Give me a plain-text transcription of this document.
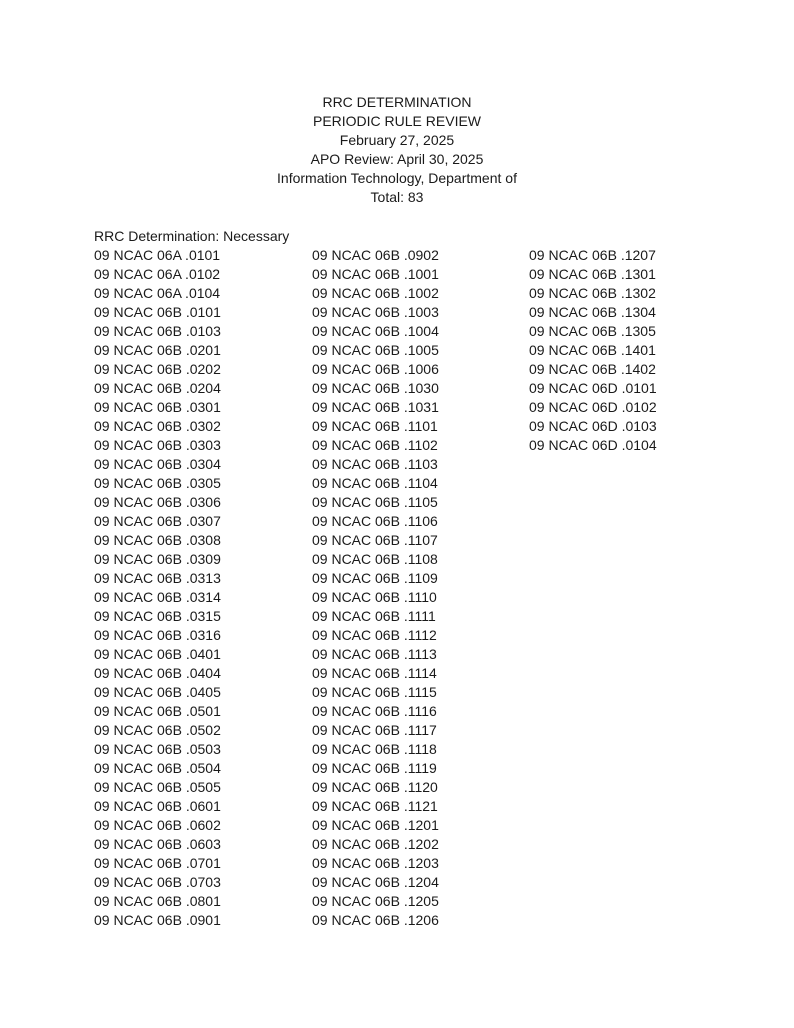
RRC DETERMINATION
PERIODIC RULE REVIEW
February 27, 2025
APO Review: April 30, 2025
Information Technology, Department of
Total: 83
RRC Determination: Necessary
09 NCAC 06A .0101
09 NCAC 06A .0102
09 NCAC 06A .0104
09 NCAC 06B .0101
09 NCAC 06B .0103
09 NCAC 06B .0201
09 NCAC 06B .0202
09 NCAC 06B .0204
09 NCAC 06B .0301
09 NCAC 06B .0302
09 NCAC 06B .0303
09 NCAC 06B .0304
09 NCAC 06B .0305
09 NCAC 06B .0306
09 NCAC 06B .0307
09 NCAC 06B .0308
09 NCAC 06B .0309
09 NCAC 06B .0313
09 NCAC 06B .0314
09 NCAC 06B .0315
09 NCAC 06B .0316
09 NCAC 06B .0401
09 NCAC 06B .0404
09 NCAC 06B .0405
09 NCAC 06B .0501
09 NCAC 06B .0502
09 NCAC 06B .0503
09 NCAC 06B .0504
09 NCAC 06B .0505
09 NCAC 06B .0601
09 NCAC 06B .0602
09 NCAC 06B .0603
09 NCAC 06B .0701
09 NCAC 06B .0703
09 NCAC 06B .0801
09 NCAC 06B .0901
09 NCAC 06B .0902
09 NCAC 06B .1001
09 NCAC 06B .1002
09 NCAC 06B .1003
09 NCAC 06B .1004
09 NCAC 06B .1005
09 NCAC 06B .1006
09 NCAC 06B .1030
09 NCAC 06B .1031
09 NCAC 06B .1101
09 NCAC 06B .1102
09 NCAC 06B .1103
09 NCAC 06B .1104
09 NCAC 06B .1105
09 NCAC 06B .1106
09 NCAC 06B .1107
09 NCAC 06B .1108
09 NCAC 06B .1109
09 NCAC 06B .1110
09 NCAC 06B .1111
09 NCAC 06B .1112
09 NCAC 06B .1113
09 NCAC 06B .1114
09 NCAC 06B .1115
09 NCAC 06B .1116
09 NCAC 06B .1117
09 NCAC 06B .1118
09 NCAC 06B .1119
09 NCAC 06B .1120
09 NCAC 06B .1121
09 NCAC 06B .1201
09 NCAC 06B .1202
09 NCAC 06B .1203
09 NCAC 06B .1204
09 NCAC 06B .1205
09 NCAC 06B .1206
09 NCAC 06B .1207
09 NCAC 06B .1301
09 NCAC 06B .1302
09 NCAC 06B .1304
09 NCAC 06B .1305
09 NCAC 06B .1401
09 NCAC 06B .1402
09 NCAC 06D .0101
09 NCAC 06D .0102
09 NCAC 06D .0103
09 NCAC 06D .0104
